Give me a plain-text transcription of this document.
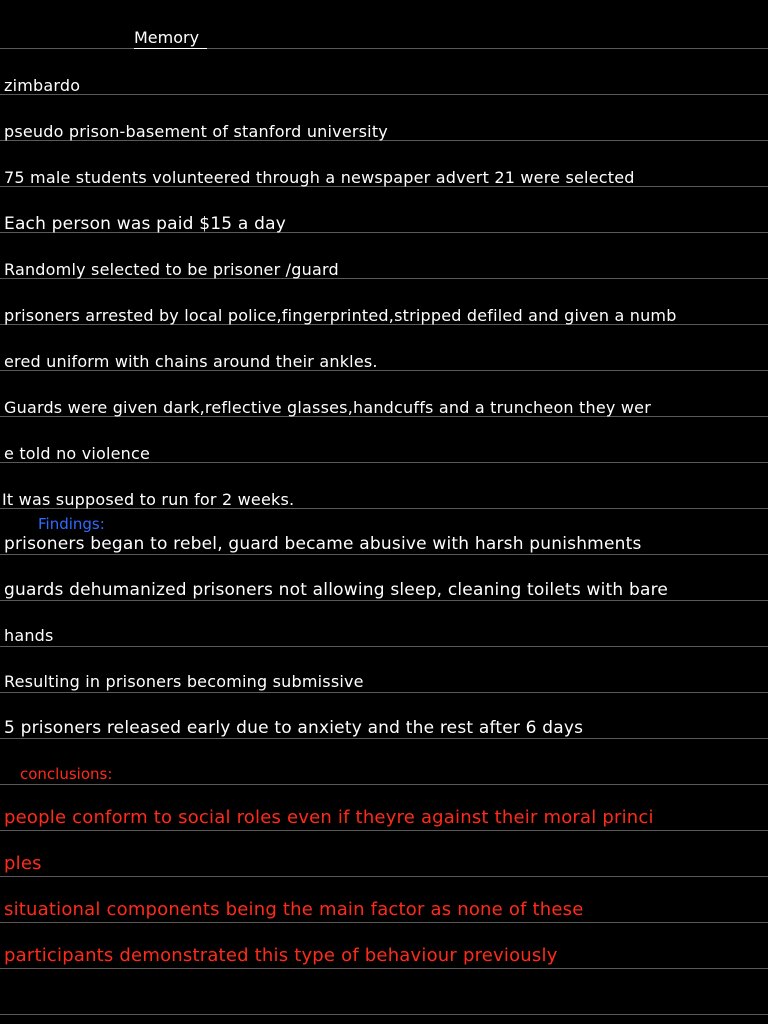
Memory
zimbardo
pseudo prison-basement of stanford university
75 male students volunteered through a newspaper advert 21 were selected
Each person was paid $15 a day
Randomly selected to be prisoner /guard
prisoners arrested by local police,fingerprinted,stripped defiled and given a numb
ered uniform with chains around their ankles.
Guards were given dark,reflective glasses,handcuffs and a truncheon they wer
e told no violence
It was supposed to run for 2 weeks.
Findings:
prisoners began to rebel, guard became abusive with harsh punishments
guards dehumanized prisoners not allowing sleep, cleaning toilets with bare
hands
Resulting in prisoners becoming submissive
5 prisoners released early due to anxiety and the rest after 6 days
conclusions:
people conform to social roles even if theyre against their moral princi
ples
situational components being the main factor as none of these
participants demonstrated this type of behaviour previously
